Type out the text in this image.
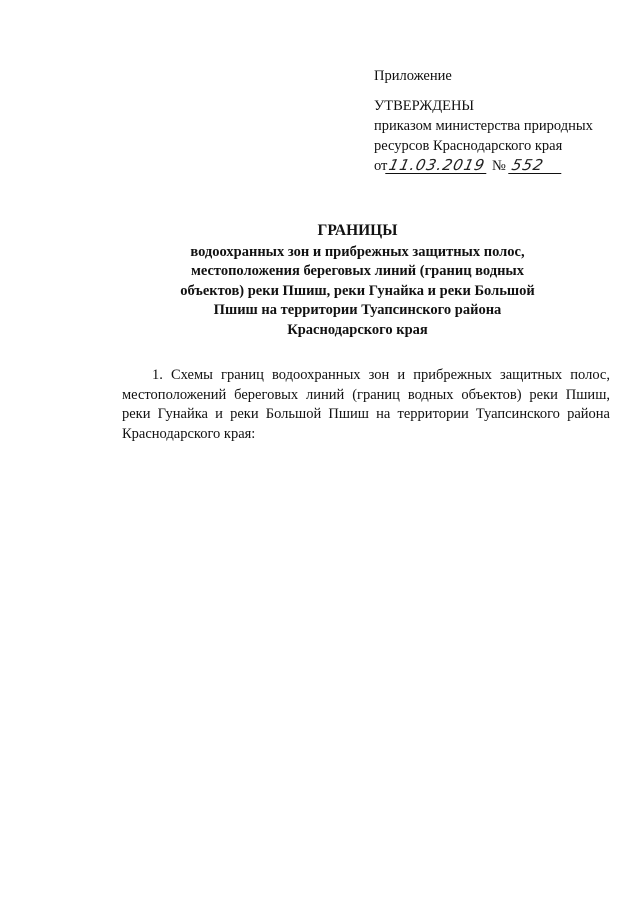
Приложение
УТВЕРЖДЕНЫ
приказом министерства природных
ресурсов Краснодарского края
от11.03.2019 № 552
ГРАНИЦЫ
водоохранных зон и прибрежных защитных полос,
местоположения береговых линий (границ водных
объектов) реки Пшиш, реки Гунайка и реки Большой
Пшиш на территории Туапсинского района
Краснодарского края
1. Схемы границ водоохранных зон и прибрежных защитных полос, местоположений береговых линий (границ водных объектов) реки Пшиш, реки Гунайка и реки Большой Пшиш на территории Туапсинского района Краснодарского края:
